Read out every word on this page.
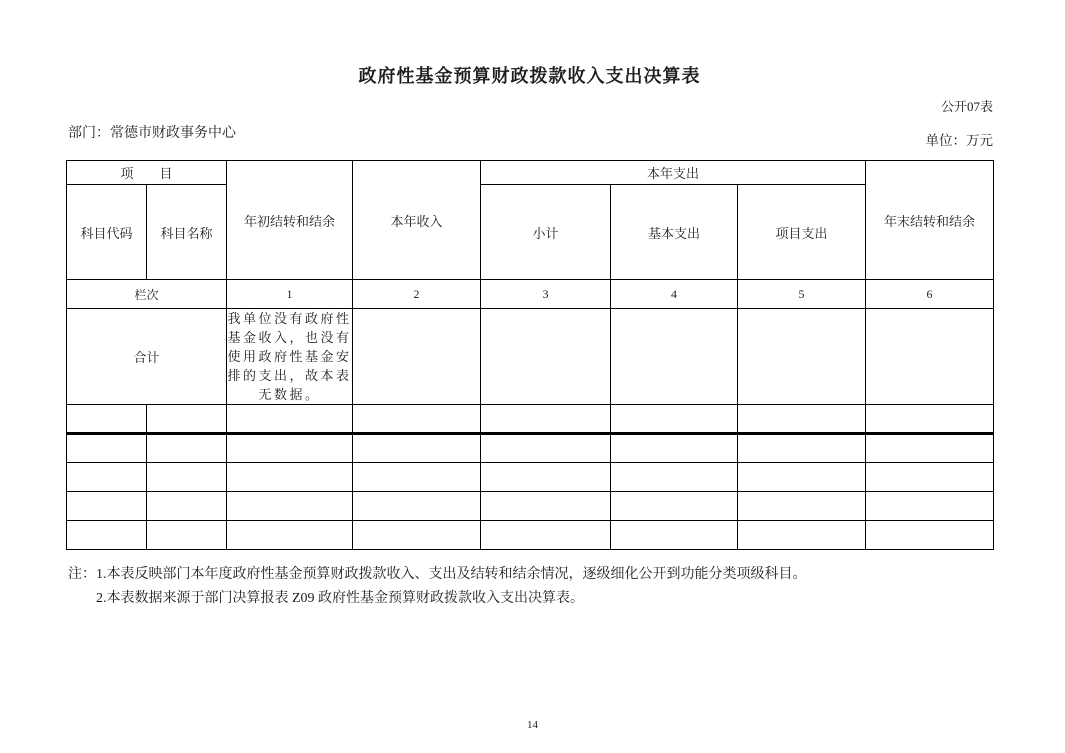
政府性基金预算财政拨款收入支出决算表
公开07表
部门：常德市财政事务中心	单位：万元
项　　目		年初结转和结余	本年收入	本年支出			年末结转和结余
科目代码	科目名称			小计	基本支出	项目支出	
栏次		1	2	3	4	5	6
合计		我单位没有政府性基金收入，也没有使用政府性基金安排的支出，故本表无数据。					

注：1.本表反映部门本年度政府性基金预算财政拨款收入、支出及结转和结余情况，逐级细化公开到功能分类项级科目。
2.本表数据来源于部门决算报表 Z09 政府性基金预算财政拨款收入支出决算表。
14
